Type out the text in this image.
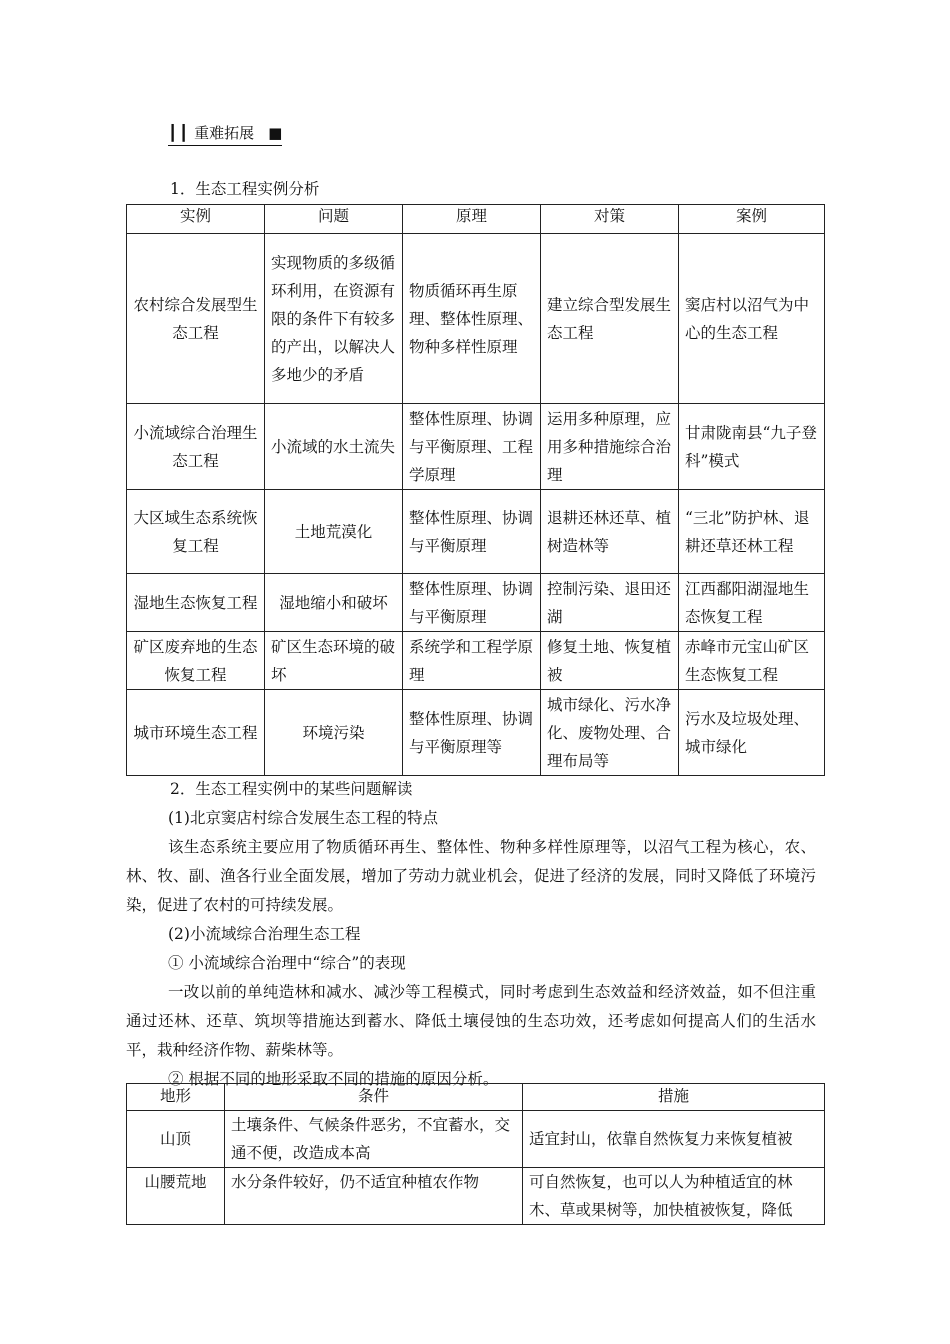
┃┃ 重难拓展 ■
1．生态工程实例分析
实例	问题	原理	对策	案例
农村综合发展型生态工程	实现物质的多级循环利用，在资源有限的条件下有较多的产出，以解决人多地少的矛盾	物质循环再生原理、整体性原理、物种多样性原理	建立综合型发展生态工程	窦店村以沼气为中心的生态工程
小流域综合治理生态工程	小流域的水土流失	整体性原理、协调与平衡原理、工程学原理	运用多种原理，应用多种措施综合治理	甘肃陇南县“九子登科”模式
大区域生态系统恢复工程	土地荒漠化	整体性原理、协调与平衡原理	退耕还林还草、植树造林等	“三北”防护林、退耕还草还林工程
湿地生态恢复工程	湿地缩小和破坏	整体性原理、协调与平衡原理	控制污染、退田还湖	江西鄱阳湖湿地生态恢复工程
矿区废弃地的生态恢复工程	矿区生态环境的破坏	系统学和工程学原理	修复土地、恢复植被	赤峰市元宝山矿区生态恢复工程
城市环境生态工程	环境污染	整体性原理、协调与平衡原理等	城市绿化、污水净化、废物处理、合理布局等	污水及垃圾处理、城市绿化

2．生态工程实例中的某些问题解读

(1)北京窦店村综合发展生态工程的特点

该生态系统主要应用了物质循环再生、整体性、物种多样性原理等，以沼气工程为核心，农、林、牧、副、渔各行业全面发展，增加了劳动力就业机会，促进了经济的发展，同时又降低了环境污染，促进了农村的可持续发展。

(2)小流域综合治理生态工程

① 小流域综合治理中“综合”的表现

一改以前的单纯造林和减水、减沙等工程模式，同时考虑到生态效益和经济效益，如不但注重通过还林、还草、筑坝等措施达到蓄水、降低土壤侵蚀的生态功效，还考虑如何提高人们的生活水平，栽种经济作物、薪柴林等。

② 根据不同的地形采取不同的措施的原因分析。

地形	条件	措施
山顶	土壤条件、气候条件恶劣，不宜蓄水，交通不便，改造成本高	适宜封山，依靠自然恢复力来恢复植被
山腰荒地	水分条件较好，仍不适宜种植农作物	可自然恢复，也可以人为种植适宜的林木、草或果树等，加快植被恢复，降低
